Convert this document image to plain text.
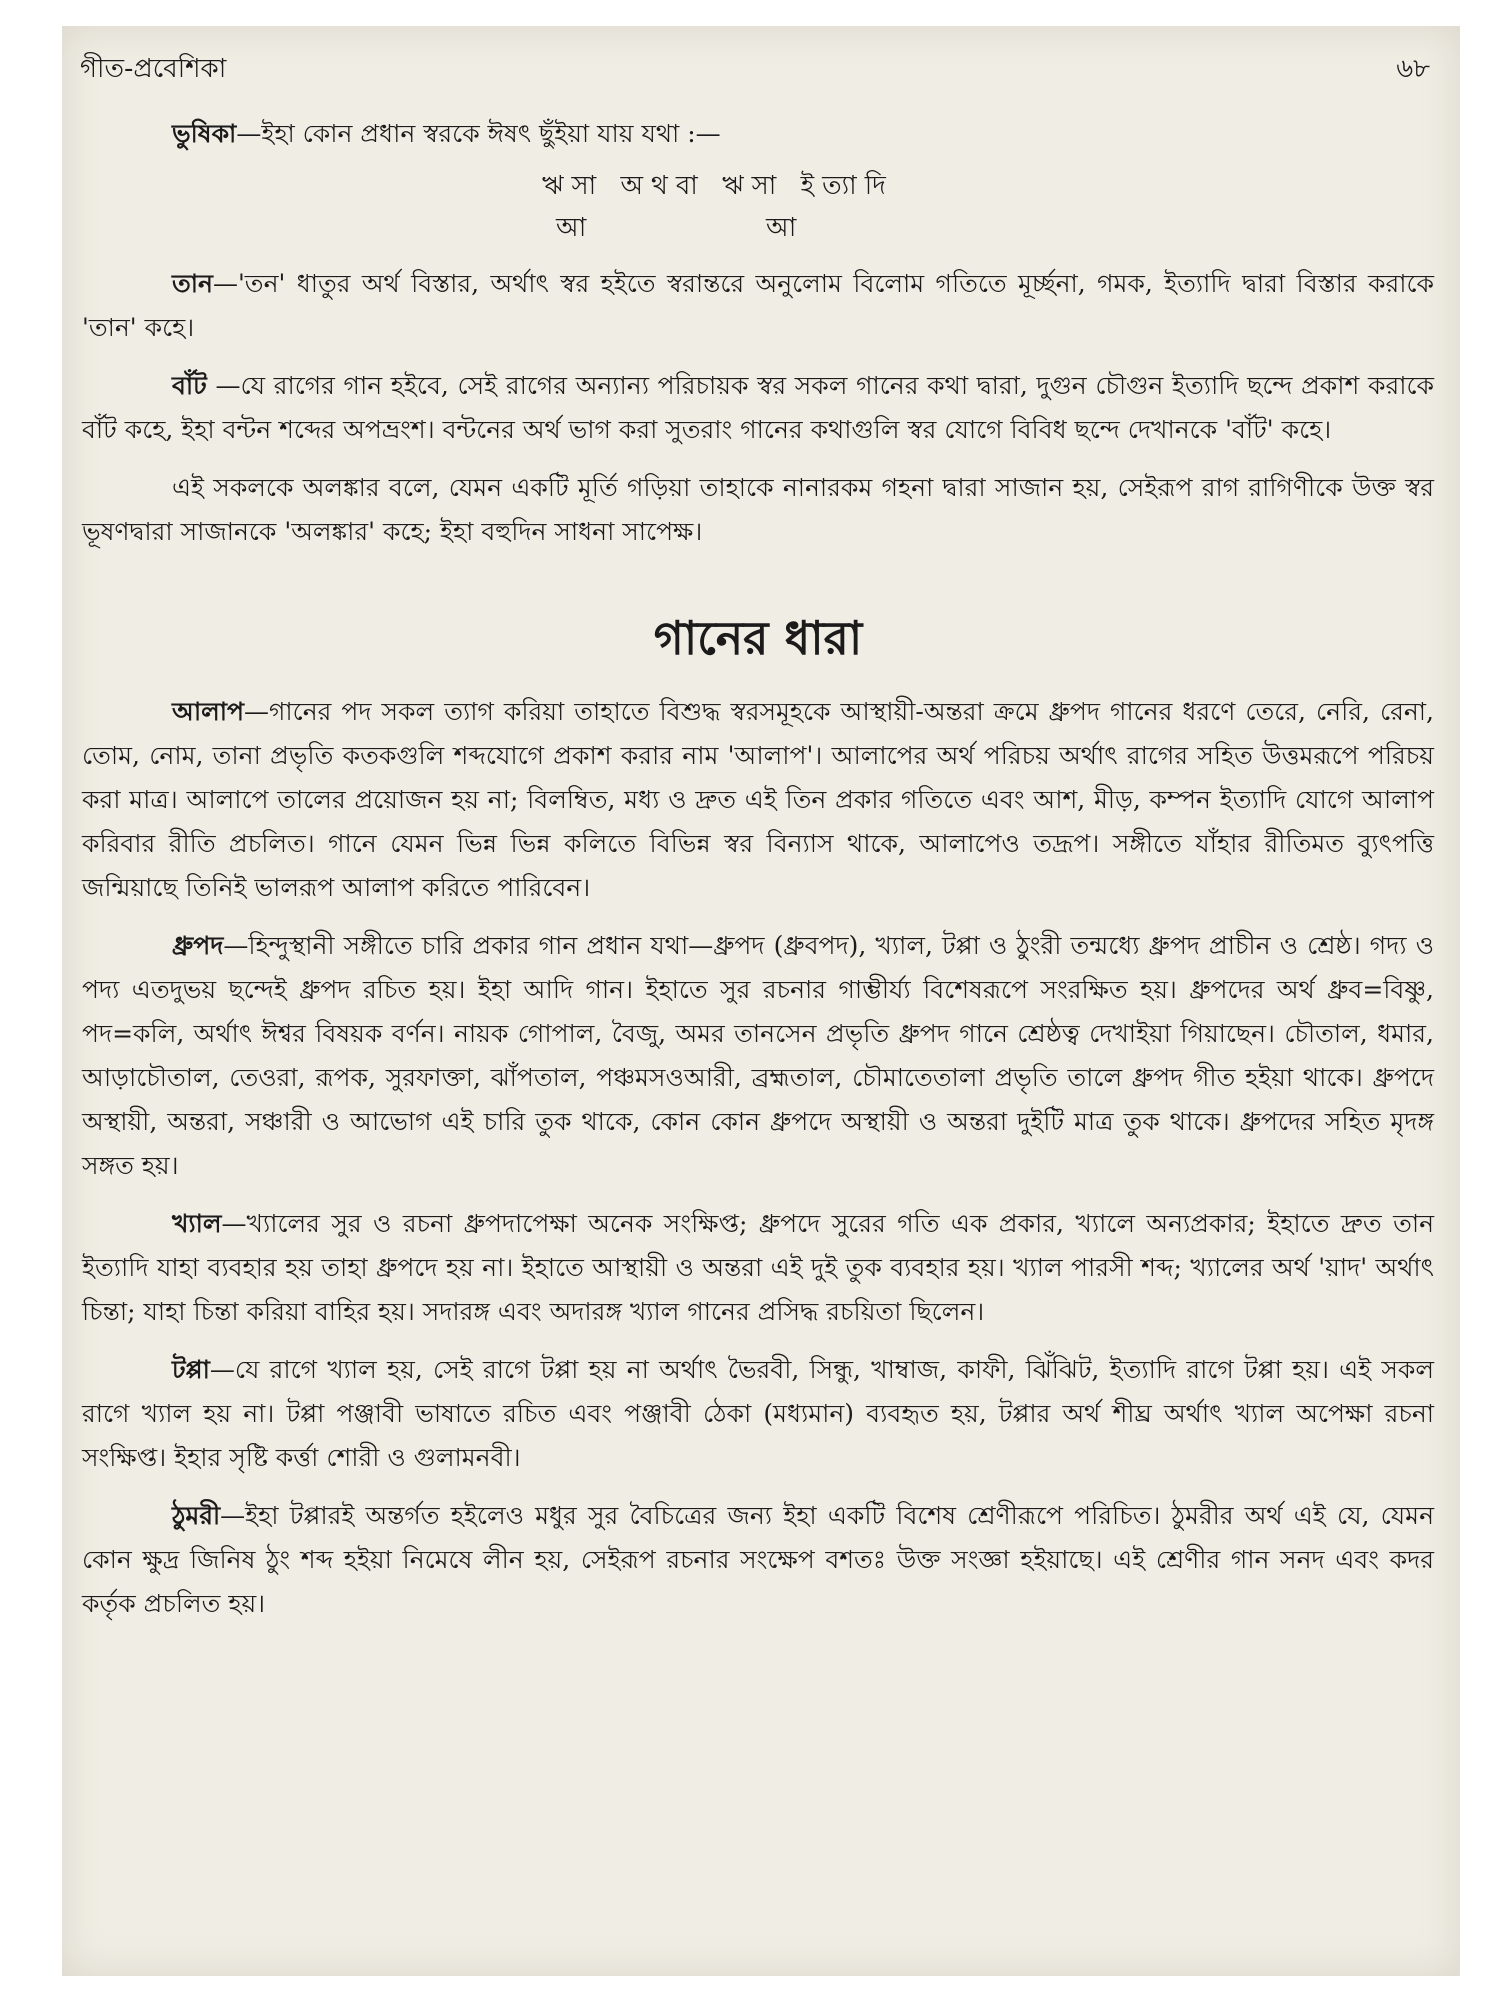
গীত-প্রবেশিকা	৬৮

ভুষিকা—ইহা কোন প্রধান স্বরকে ঈষৎ ছুঁইয়া যায় যথা :—

ঋসা অথবা ঋসা ইত্যাদি
আ	আ

তান—'তন' ধাতুর অর্থ বিস্তার, অর্থাৎ স্বর হইতে স্বরান্তরে অনুলোম বিলোম গতিতে মূর্চ্ছনা, গমক, ইত্যাদি দ্বারা বিস্তার করাকে 'তান' কহে।

বাঁট —যে রাগের গান হইবে, সেই রাগের অন্যান্য পরিচায়ক স্বর সকল গানের কথা দ্বারা, দুগুন চৌগুন ইত্যাদি ছন্দে প্রকাশ করাকে বাঁট কহে, ইহা বন্টন শব্দের অপভ্রংশ। বন্টনের অর্থ ভাগ করা সুতরাং গানের কথাগুলি স্বর যোগে বিবিধ ছন্দে দেখানকে 'বাঁট' কহে।

এই সকলকে অলঙ্কার বলে, যেমন একটি মূর্তি গড়িয়া তাহাকে নানারকম গহনা দ্বারা সাজান হয়, সেইরূপ রাগ রাগিণীকে উক্ত স্বর ভূষণদ্বারা সাজানকে 'অলঙ্কার' কহে; ইহা বহুদিন সাধনা সাপেক্ষ।

গানের ধারা

আলাপ—গানের পদ সকল ত্যাগ করিয়া তাহাতে বিশুদ্ধ স্বরসমূহকে আস্থায়ী-অন্তরা ক্রমে ধ্রুপদ গানের ধরণে তেরে, নেরি, রেনা, তোম, নোম, তানা প্রভৃতি কতকগুলি শব্দযোগে প্রকাশ করার নাম 'আলাপ'। আলাপের অর্থ পরিচয় অর্থাৎ রাগের সহিত উত্তমরূপে পরিচয় করা মাত্র। আলাপে তালের প্রয়োজন হয় না; বিলম্বিত, মধ্য ও দ্রুত এই তিন প্রকার গতিতে এবং আশ, মীড়, কম্পন ইত্যাদি যোগে আলাপ করিবার রীতি প্রচলিত। গানে যেমন ভিন্ন ভিন্ন কলিতে বিভিন্ন স্বর বিন্যাস থাকে, আলাপেও তদ্রূপ। সঙ্গীতে যাঁহার রীতিমত ব্যুৎপত্তি জন্মিয়াছে তিনিই ভালরূপ আলাপ করিতে পারিবেন।

ধ্রুপদ—হিন্দুস্থানী সঙ্গীতে চারি প্রকার গান প্রধান যথা—ধ্রুপদ (ধ্রুবপদ), খ্যাল, টপ্পা ও ঠুংরী তন্মধ্যে ধ্রুপদ প্রাচীন ও শ্রেষ্ঠ। গদ্য ও পদ্য এতদুভয় ছন্দেই ধ্রুপদ রচিত হয়। ইহা আদি গান। ইহাতে সুর রচনার গাম্ভীর্য্য বিশেষরূপে সংরক্ষিত হয়। ধ্রুপদের অর্থ ধ্রুব=বিষ্ণু, পদ=কলি, অর্থাৎ ঈশ্বর বিষয়ক বর্ণন। নায়ক গোপাল, বৈজু, অমর তানসেন প্রভৃতি ধ্রুপদ গানে শ্রেষ্ঠত্ব দেখাইয়া গিয়াছেন। চৌতাল, ধমার, আড়াচৌতাল, তেওরা, রূপক, সুরফাক্তা, ঝাঁপতাল, পঞ্চমসওআরী, ব্রহ্মতাল, চৌমাতেতালা প্রভৃতি তালে ধ্রুপদ গীত হইয়া থাকে। ধ্রুপদে অস্থায়ী, অন্তরা, সঞ্চারী ও আভোগ এই চারি তুক থাকে, কোন কোন ধ্রুপদে অস্থায়ী ও অন্তরা দুইটি মাত্র তুক থাকে। ধ্রুপদের সহিত মৃদঙ্গ সঙ্গত হয়।

খ্যাল—খ্যালের সুর ও রচনা ধ্রুপদাপেক্ষা অনেক সংক্ষিপ্ত; ধ্রুপদে সুরের গতি এক প্রকার, খ্যালে অন্যপ্রকার; ইহাতে দ্রুত তান ইত্যাদি যাহা ব্যবহার হয় তাহা ধ্রুপদে হয় না। ইহাতে আস্থায়ী ও অন্তরা এই দুই তুক ব্যবহার হয়। খ্যাল পারসী শব্দ; খ্যালের অর্থ 'য়াদ' অর্থাৎ চিন্তা; যাহা চিন্তা করিয়া বাহির হয়। সদারঙ্গ এবং অদারঙ্গ খ্যাল গানের প্রসিদ্ধ রচয়িতা ছিলেন।

টপ্পা—যে রাগে খ্যাল হয়, সেই রাগে টপ্পা হয় না অর্থাৎ ভৈরবী, সিন্ধু, খাম্বাজ, কাফী, ঝিঁঝিট, ইত্যাদি রাগে টপ্পা হয়। এই সকল রাগে খ্যাল হয় না। টপ্পা পঞ্জাবী ভাষাতে রচিত এবং পঞ্জাবী ঠেকা (মধ্যমান) ব্যবহৃত হয়, টপ্পার অর্থ শীঘ্র অর্থাৎ খ্যাল অপেক্ষা রচনা সংক্ষিপ্ত। ইহার সৃষ্টি কর্ত্তা শোরী ও গুলামনবী।

ঠুমরী—ইহা টপ্পারই অন্তর্গত হইলেও মধুর সুর বৈচিত্রের জন্য ইহা একটি বিশেষ শ্রেণীরূপে পরিচিত। ঠুমরীর অর্থ এই যে, যেমন কোন ক্ষুদ্র জিনিষ ঠুং শব্দ হইয়া নিমেষে লীন হয়, সেইরূপ রচনার সংক্ষেপ বশতঃ উক্ত সংজ্ঞা হইয়াছে। এই শ্রেণীর গান সনদ এবং কদর কর্তৃক প্রচলিত হয়।
